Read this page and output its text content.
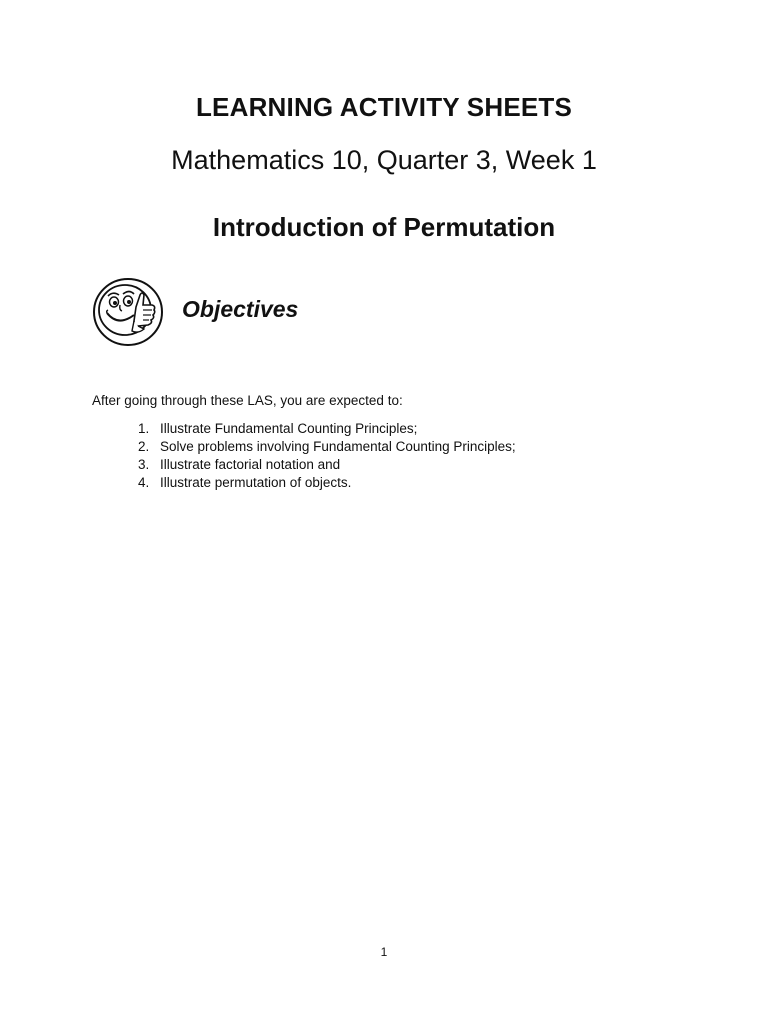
LEARNING ACTIVITY SHEETS
Mathematics 10, Quarter 3, Week 1
Introduction of Permutation
Objectives
After going through these LAS, you are expected to:
1. Illustrate Fundamental Counting Principles;
2. Solve problems involving Fundamental Counting Principles;
3. Illustrate factorial notation and
4. Illustrate permutation of objects.
1
